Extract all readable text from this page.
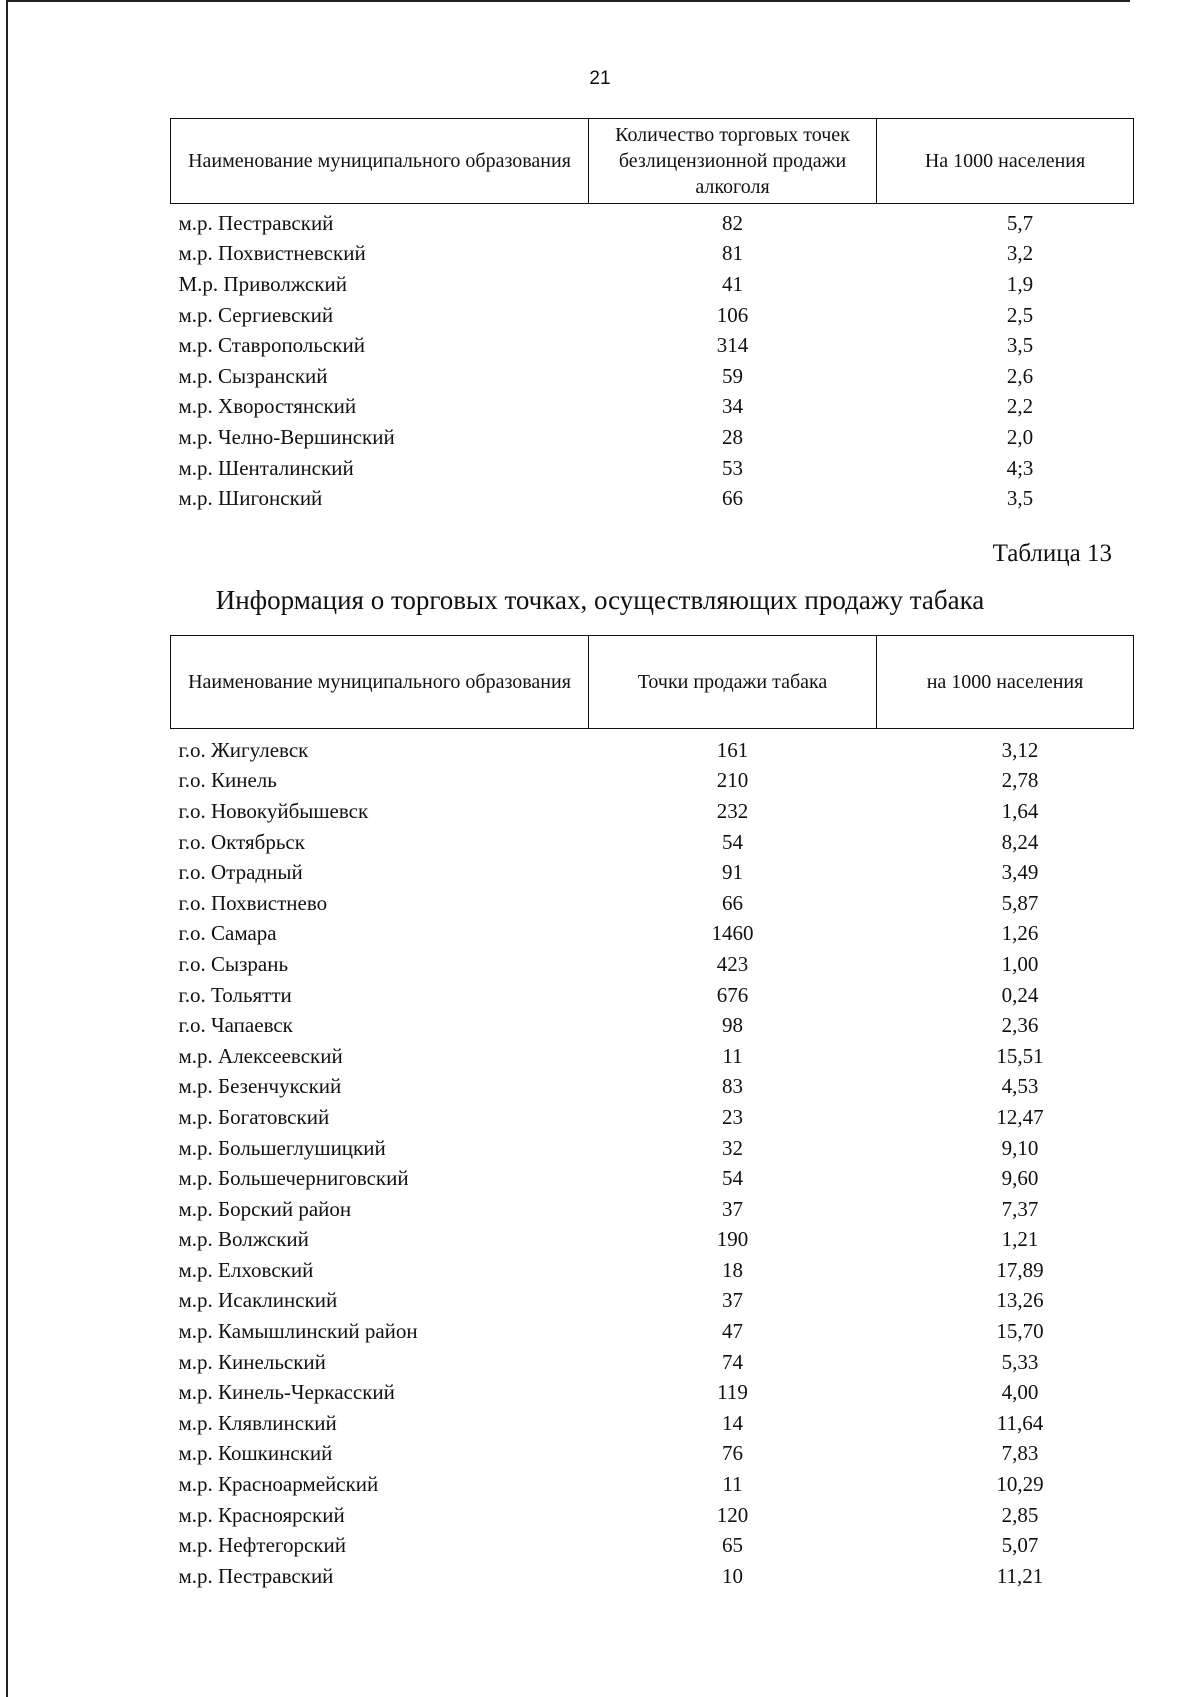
21
Наименование муниципального образования	Количество торговых точек безлицензионной продажи алкоголя	На 1000 населения
м.р. Пестравский	82	5,7
м.р. Похвистневский	81	3,2
М.р. Приволжский	41	1,9
м.р. Сергиевский	106	2,5
м.р. Ставропольский	314	3,5
м.р. Сызранский	59	2,6
м.р. Хворостянский	34	2,2
м.р. Челно-Вершинский	28	2,0
м.р. Шенталинский	53	4;3
м.р. Шигонский	66	3,5
Таблица 13
Информация о торговых точках, осуществляющих продажу табака
Наименование муниципального образования	Точки продажи табака	на 1000 населения

г.о. Жигулевск	161	3,12
г.о. Кинель	210	2,78
г.о. Новокуйбышевск	232	1,64
г.о. Октябрьск	54	8,24
г.о. Отрадный	91	3,49
г.о. Похвистнево	66	5,87
г.о. Самара	1460	1,26
г.о. Сызрань	423	1,00
г.о. Тольятти	676	0,24
г.о. Чапаевск	98	2,36
м.р. Алексеевский	11	15,51
м.р. Безенчукский	83	4,53
м.р. Богатовский	23	12,47
м.р. Большеглушицкий	32	9,10
м.р. Большечерниговский	54	9,60
м.р. Борский район	37	7,37
м.р. Волжский	190	1,21
м.р. Елховский	18	17,89
м.р. Исаклинский	37	13,26
м.р. Камышлинский район	47	15,70
м.р. Кинельский	74	5,33
м.р. Кинель-Черкасский	119	4,00
м.р. Клявлинский	14	11,64
м.р. Кошкинский	76	7,83
м.р. Красноармейский	11	10,29
м.р. Красноярский	120	2,85
м.р. Нефтегорский	65	5,07
м.р. Пестравский	10	11,21
